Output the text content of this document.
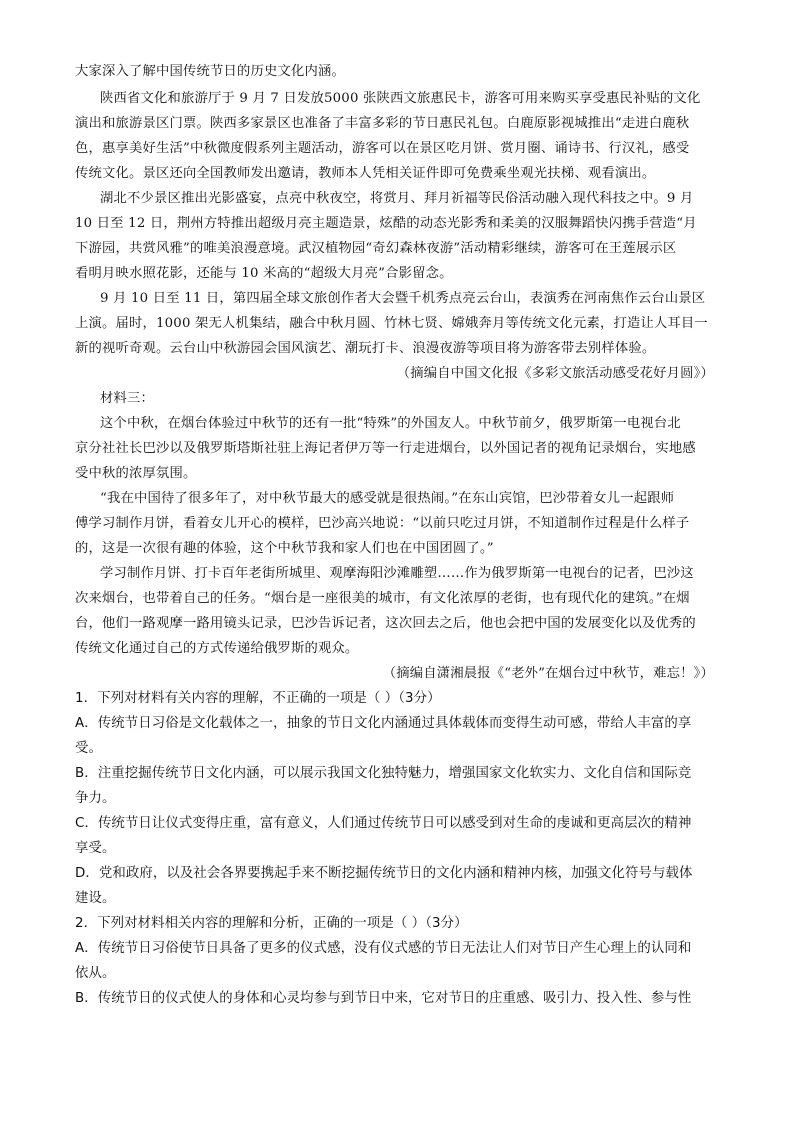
大家深入了解中国传统节日的历史文化内涵。
陕西省文化和旅游厅于 9 月 7 日发放5000 张陕西文旅惠民卡，游客可用来购买享受惠民补贴的文化
演出和旅游景区门票。陕西多家景区也准备了丰富多彩的节日惠民礼包。白鹿原影视城推出“走进白鹿秋
色，惠享美好生活”中秋微度假系列主题活动，游客可以在景区吃月饼、赏月圈、诵诗书、行汉礼，感受
传统文化。景区还向全国教师发出邀请，教师本人凭相关证件即可免费乘坐观光扶梯、观看演出。
湖北不少景区推出光影盛宴，点亮中秋夜空，将赏月、拜月祈福等民俗活动融入现代科技之中。9 月
10 日至 12 日，荆州方特推出超级月亮主题造景，炫酷的动态光影秀和柔美的汉服舞蹈快闪携手营造“月
下游园，共赏风雅”的唯美浪漫意境。武汉植物园“奇幻森林夜游”活动精彩继续，游客可在王莲展示区
看明月映水照花影，还能与 10 米高的“超级大月亮”合影留念。
9 月 10 日至 11 日，第四届全球文旅创作者大会暨千机秀点亮云台山，表演秀在河南焦作云台山景区
上演。届时，1000 架无人机集结，融合中秋月圆、竹林七贤、嫦娥奔月等传统文化元素，打造让人耳目一
新的视听奇观。云台山中秋游园会国风演艺、潮玩打卡、浪漫夜游等项目将为游客带去别样体验。
（摘编自中国文化报《多彩文旅活动感受花好月圆》）
材料三：
这个中秋，在烟台体验过中秋节的还有一批“特殊”的外国友人。中秋节前夕，俄罗斯第一电视台北
京分社社长巴沙以及俄罗斯塔斯社驻上海记者伊万等一行走进烟台，以外国记者的视角记录烟台，实地感
受中秋的浓厚氛围。
“我在中国待了很多年了，对中秋节最大的感受就是很热闹。”在东山宾馆，巴沙带着女儿一起跟师
傅学习制作月饼，看着女儿开心的模样，巴沙高兴地说：“以前只吃过月饼，不知道制作过程是什么样子
的，这是一次很有趣的体验，这个中秋节我和家人们也在中国团圆了。”
学习制作月饼、打卡百年老街所城里、观摩海阳沙滩雕塑……作为俄罗斯第一电视台的记者，巴沙这
次来烟台，也带着自己的任务。“烟台是一座很美的城市，有文化浓厚的老街，也有现代化的建筑。”在烟
台，他们一路观摩一路用镜头记录，巴沙告诉记者，这次回去之后，他也会把中国的发展变化以及优秀的
传统文化通过自己的方式传递给俄罗斯的观众。
（摘编自潇湘晨报《“老外”在烟台过中秋节，难忘！》）
1．下列对材料有关内容的理解，不正确的一项是（ ）（3分）
A．传统节日习俗是文化载体之一，抽象的节日文化内涵通过具体载体而变得生动可感，带给人丰富的享
受。
B．注重挖掘传统节日文化内涵，可以展示我国文化独特魅力，增强国家文化软实力、文化自信和国际竞
争力。
C．传统节日让仪式变得庄重，富有意义，人们通过传统节日可以感受到对生命的虔诚和更高层次的精神
享受。
D．党和政府，以及社会各界要携起手来不断挖掘传统节日的文化内涵和精神内核，加强文化符号与载体
建设。
2．下列对材料相关内容的理解和分析，正确的一项是（ ）（3分）
A．传统节日习俗使节日具备了更多的仪式感，没有仪式感的节日无法让人们对节日产生心理上的认同和
依从。
B．传统节日的仪式使人的身体和心灵均参与到节日中来，它对节日的庄重感、吸引力、投入性、参与性
